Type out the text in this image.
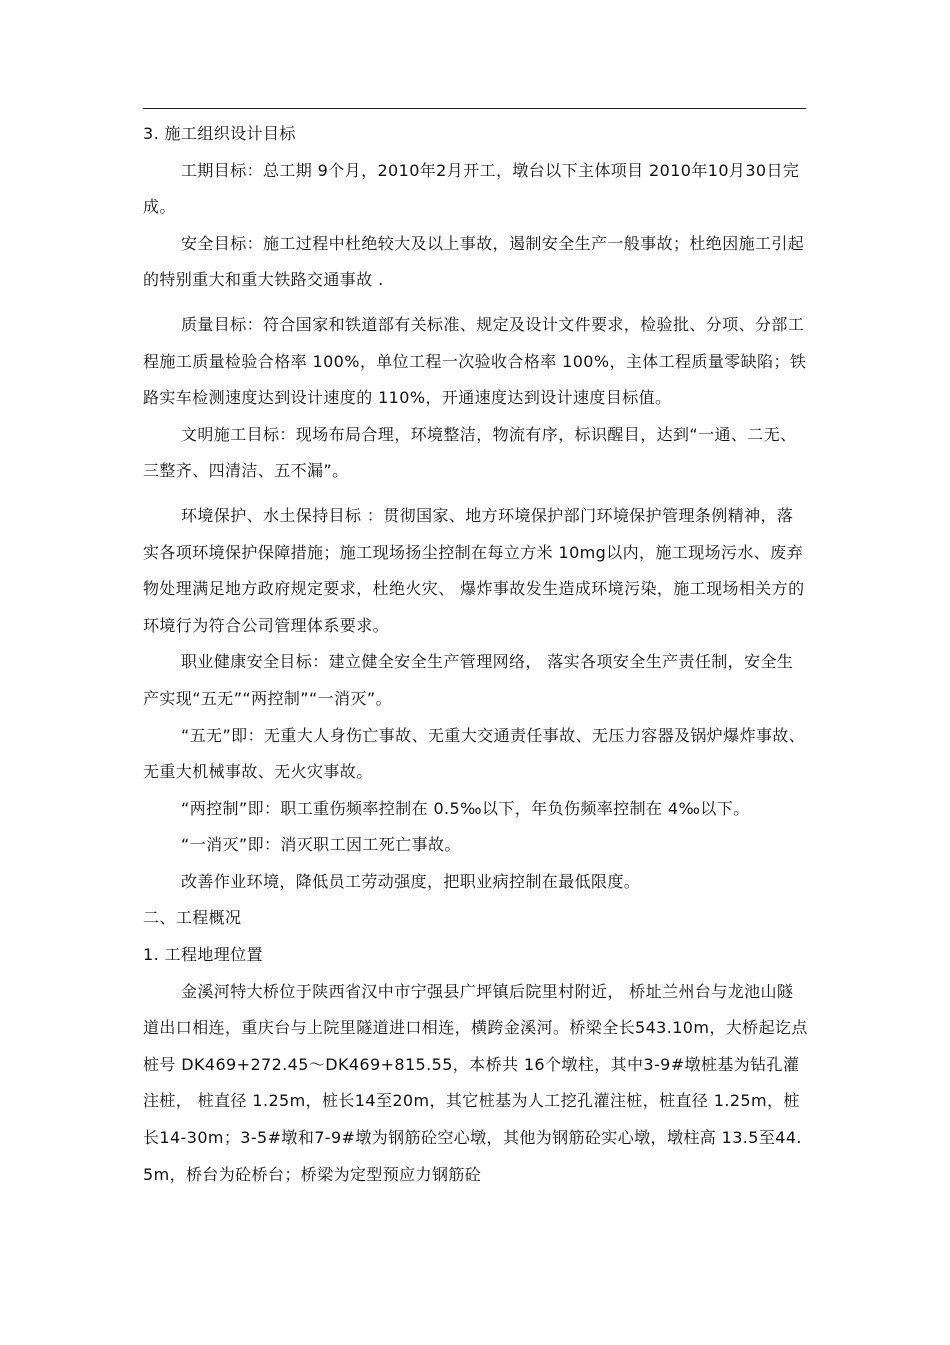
3. 施工组织设计目标

工期目标：总工期 9个月，2010年2月开工，墩台以下主体项目 2010年10月30日完成。

安全目标：施工过程中杜绝较大及以上事故，遏制安全生产一般事故；杜绝因施工引起的特别重大和重大铁路交通事故 .

质量目标：符合国家和铁道部有关标准、规定及设计文件要求，检验批、分项、分部工程施工质量检验合格率 100%，单位工程一次验收合格率 100%，主体工程质量零缺陷；铁路实车检测速度达到设计速度的 110%，开通速度达到设计速度目标值。

文明施工目标：现场布局合理，环境整洁，物流有序，标识醒目，达到“一通、二无、三整齐、四清洁、五不漏”。

环境保护、水土保持目标 ：贯彻国家、地方环境保护部门环境保护管理条例精神，落实各项环境保护保障措施；施工现场扬尘控制在每立方米 10mg以内，施工现场污水、废弃物处理满足地方政府规定要求，杜绝火灾、 爆炸事故发生造成环境污染，施工现场相关方的环境行为符合公司管理体系要求。

职业健康安全目标：建立健全安全生产管理网络， 落实各项安全生产责任制，安全生产实现“五无”“两控制”“一消灭”。

“五无”即：无重大人身伤亡事故、无重大交通责任事故、无压力容器及锅炉爆炸事故、无重大机械事故、无火灾事故。

“两控制”即：职工重伤频率控制在 0.5‰以下，年负伤频率控制在 4‰以下。

“一消灭”即：消灭职工因工死亡事故。

改善作业环境，降低员工劳动强度，把职业病控制在最低限度。

二、工程概况

1. 工程地理位置

金溪河特大桥位于陕西省汉中市宁强县广坪镇后院里村附近， 桥址兰州台与龙池山隧道出口相连，重庆台与上院里隧道进口相连，横跨金溪河。桥梁全长543.10m，大桥起讫点桩号 DK469+272.45～DK469+815.55，本桥共 16个墩柱，其中3-9#墩桩基为钻孔灌注桩， 桩直径 1.25m，桩长14至20m，其它桩基为人工挖孔灌注桩，桩直径 1.25m，桩长14-30m；3-5#墩和7-9#墩为钢筋砼空心墩，其他为钢筋砼实心墩，墩柱高 13.5至44.5m，桥台为砼桥台；桥梁为定型预应力钢筋砼
